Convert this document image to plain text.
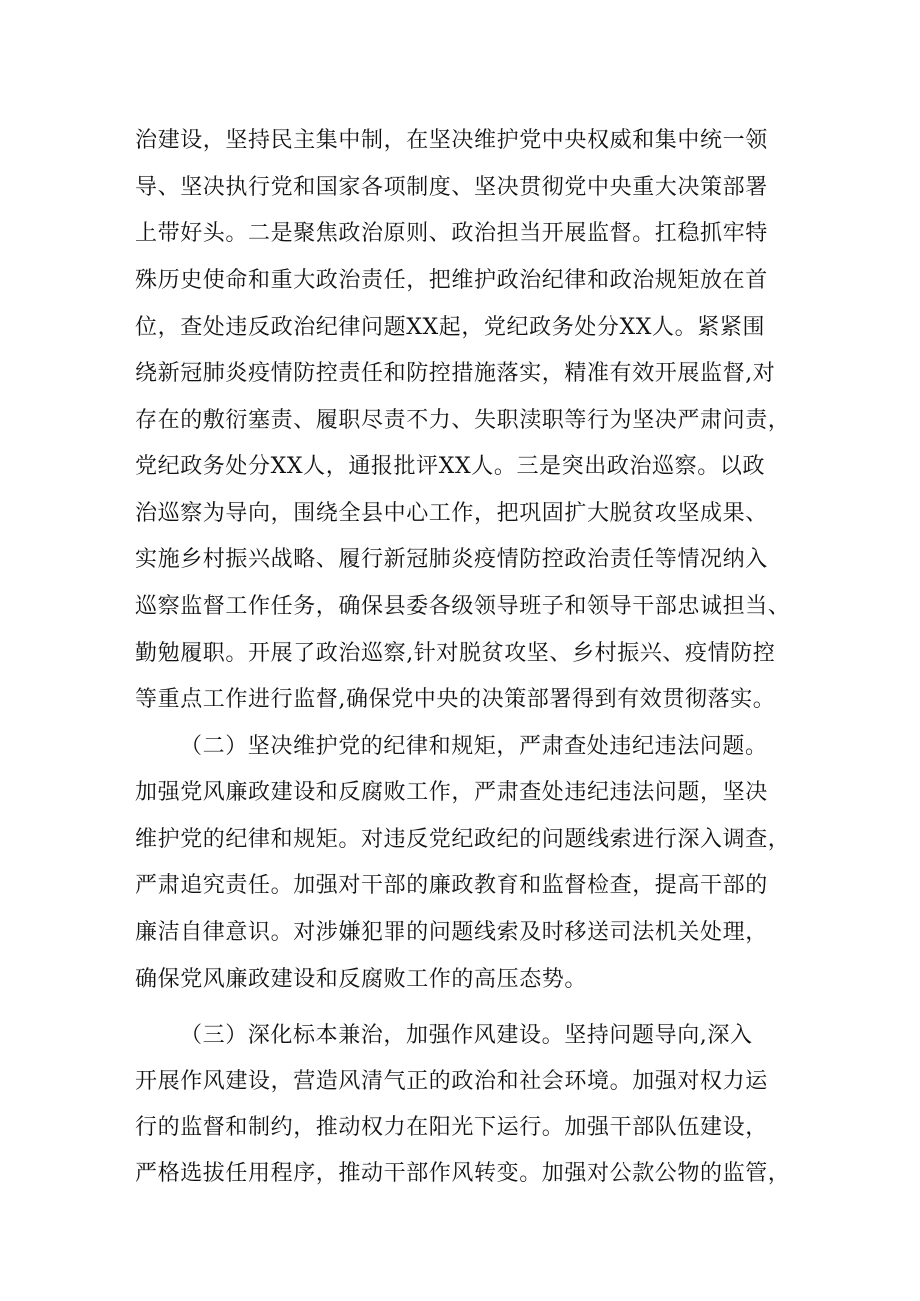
治建设，坚持民主集中制，在坚决维护党中央权威和集中统一领
导、坚决执行党和国家各项制度、坚决贯彻党中央重大决策部署
上带好头。二是聚焦政治原则、政治担当开展监督。扛稳抓牢特
殊历史使命和重大政治责任，把维护政治纪律和政治规矩放在首
位，查处违反政治纪律问题XX起，党纪政务处分XX人。紧紧围
绕新冠肺炎疫情防控责任和防控措施落实，精准有效开展监督,对
存在的敷衍塞责、履职尽责不力、失职渎职等行为坚决严肃问责，
党纪政务处分XX人，通报批评XX人。三是突出政治巡察。以政
治巡察为导向，围绕全县中心工作，把巩固扩大脱贫攻坚成果、
实施乡村振兴战略、履行新冠肺炎疫情防控政治责任等情况纳入
巡察监督工作任务，确保县委各级领导班子和领导干部忠诚担当、
勤勉履职。开展了政治巡察,针对脱贫攻坚、乡村振兴、疫情防控
等重点工作进行监督,确保党中央的决策部署得到有效贯彻落实。
（二）坚决维护党的纪律和规矩，严肃查处违纪违法问题。
加强党风廉政建设和反腐败工作，严肃查处违纪违法问题，坚决
维护党的纪律和规矩。对违反党纪政纪的问题线索进行深入调查，
严肃追究责任。加强对干部的廉政教育和监督检查，提高干部的
廉洁自律意识。对涉嫌犯罪的问题线索及时移送司法机关处理，
确保党风廉政建设和反腐败工作的高压态势。
（三）深化标本兼治，加强作风建设。坚持问题导向,深入
开展作风建设，营造风清气正的政治和社会环境。加强对权力运
行的监督和制约，推动权力在阳光下运行。加强干部队伍建设，
严格选拔任用程序，推动干部作风转变。加强对公款公物的监管，
